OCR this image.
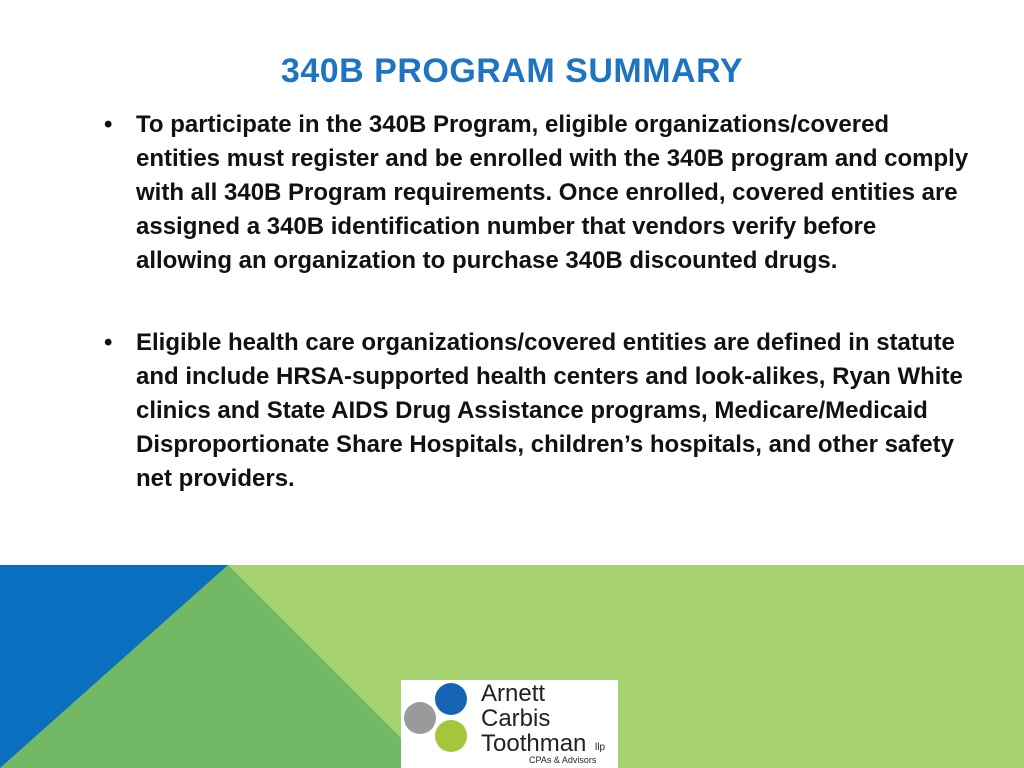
340B PROGRAM SUMMARY
• To participate in the 340B Program, eligible organizations/covered entities must register and be enrolled with the 340B program and comply with all 340B Program requirements. Once enrolled, covered entities are assigned a 340B identification number that vendors verify before allowing an organization to purchase 340B discounted drugs.
• Eligible health care organizations/covered entities are defined in statute and include HRSA-supported health centers and look-alikes, Ryan White clinics and State AIDS Drug Assistance programs, Medicare/Medicaid Disproportionate Share Hospitals, children’s hospitals, and other safety net providers.
Arnett
Carbis
Toothman llp
CPAs & Advisors
